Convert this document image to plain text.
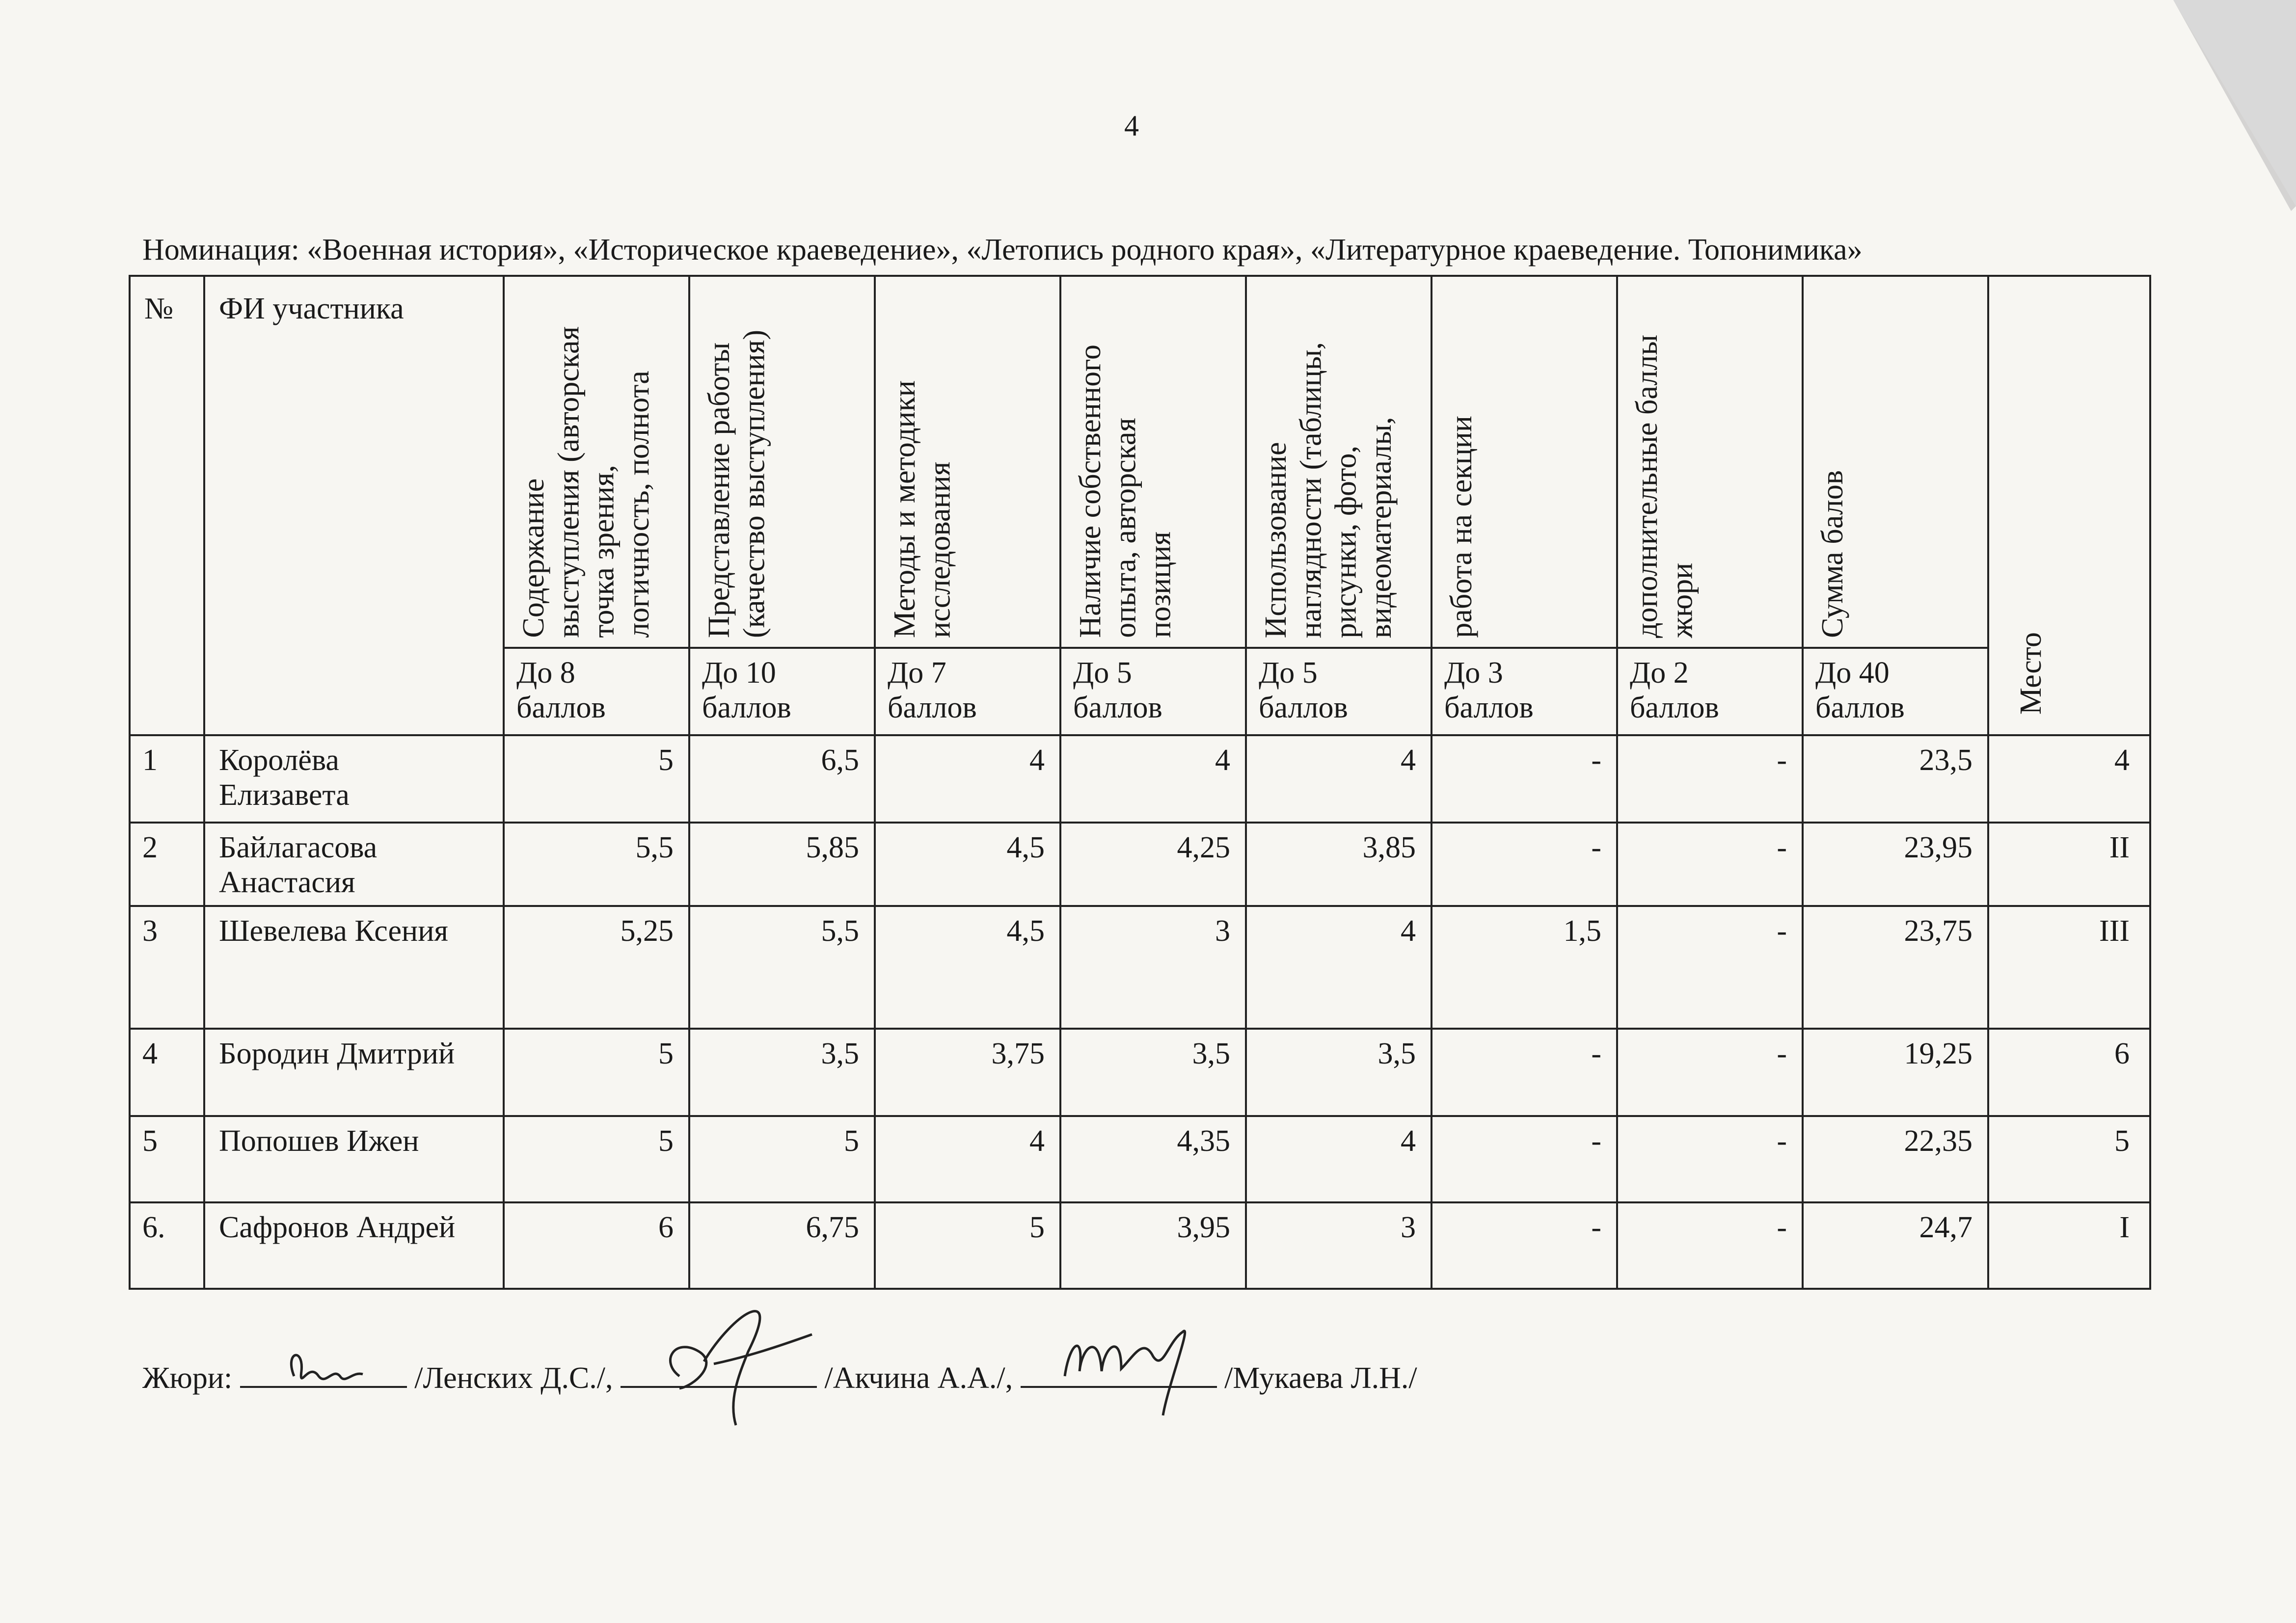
4
Номинация: «Военная история», «Историческое краеведение», «Летопись родного края», «Литературное краеведение. Топонимика»
№	ФИ участника	Содержание
выступления (авторская
точка зрения,
логичность, полнота	Представление работы
(качество выступления)	Методы и методики
исследования	Наличие собственного
опыта, авторская
позиция	Использование
наглядности (таблицы,
рисунки, фото,
видеоматериалы,	работа на секции	дополнительные баллы
жюри	Сумма балов	Место

		До 8
баллов	До 10
баллов	До 7
баллов	До 5
баллов	До 5
баллов	До 3
баллов	До 2
баллов	До 40
баллов	
1	Королёва
Елизавета	5	6,5	4	4	4	-	-	23,5	4
2	Байлагасова
Анастасия	5,5	5,85	4,5	4,25	3,85	-	-	23,95	II
3	Шевелева Ксения	5,25	5,5	4,5	3	4	1,5	-	23,75	III
4	Бородин Дмитрий	5	3,5	3,75	3,5	3,5	-	-	19,25	6
5	Попошев Ижен	5	5	4	4,35	4	-	-	22,35	5
6.	Сафронов Андрей	6	6,75	5	3,95	3	-	-	24,7	I
Жюри:	/Ленских Д.С./,	/Акчина А.А./,	/Мукаева Л.Н./
